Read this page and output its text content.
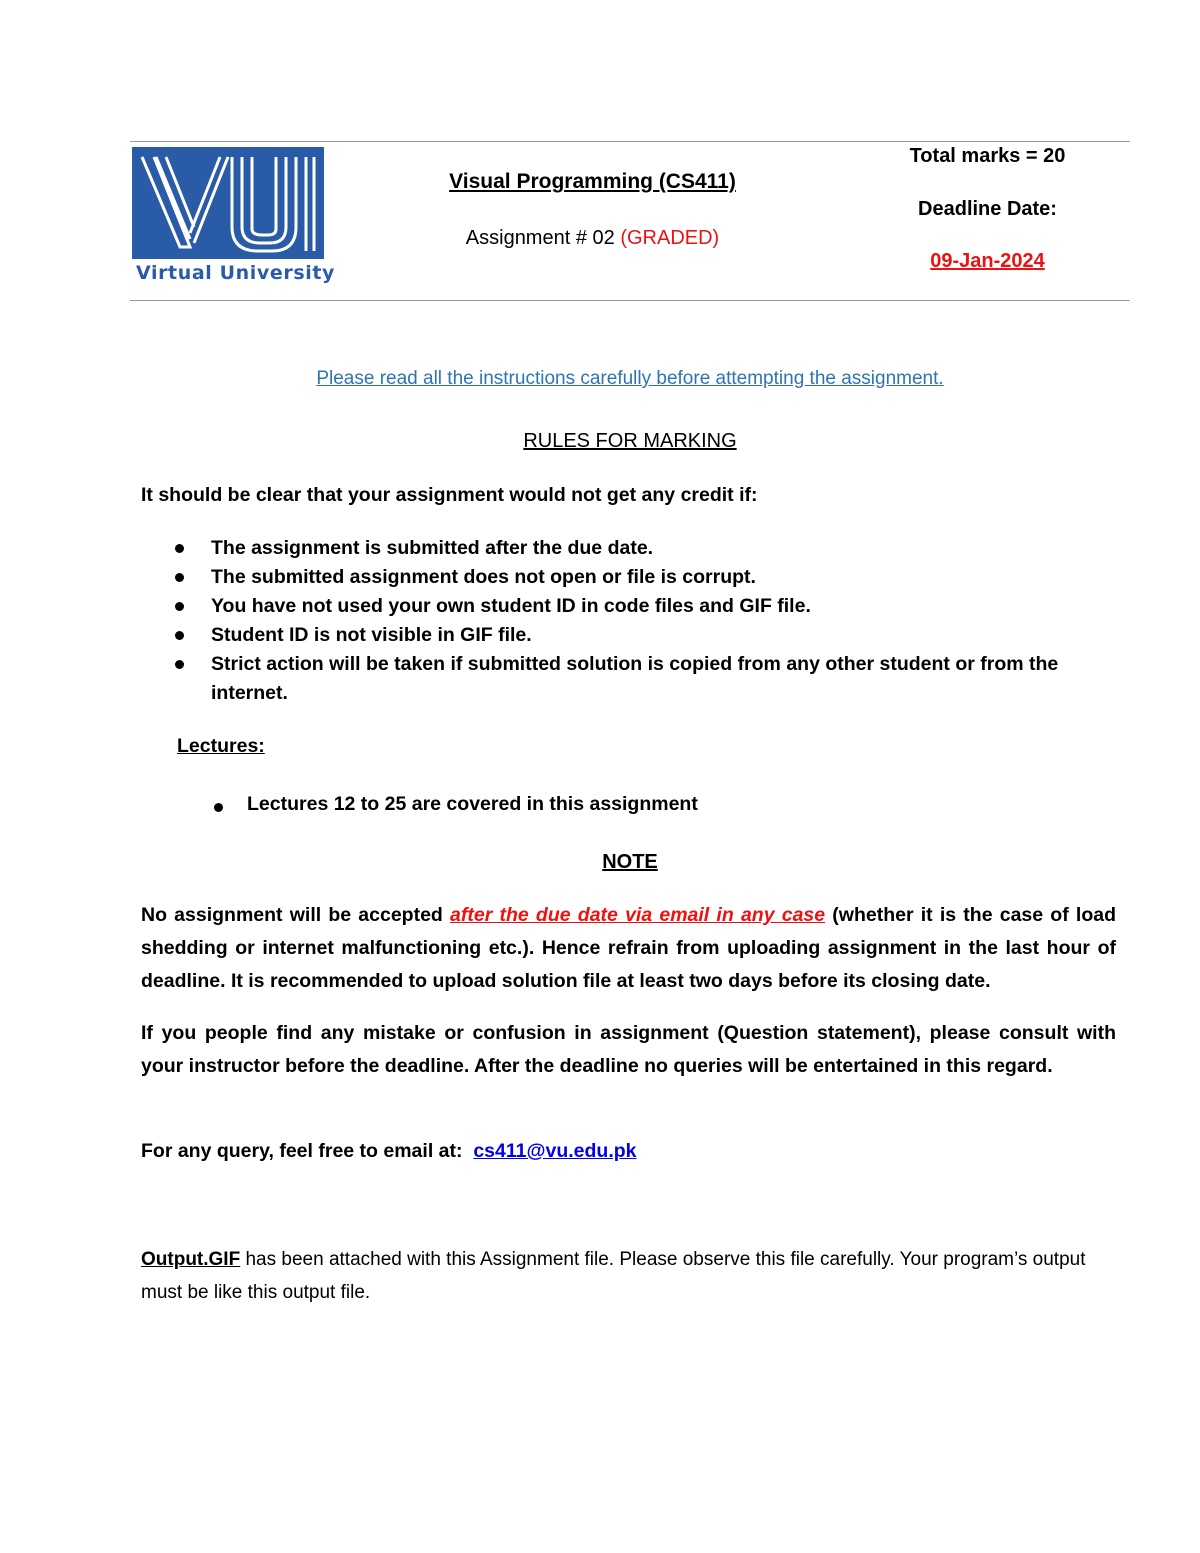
Virtual University
Visual Programming (CS411)
Assignment # 02 (GRADED)
Total marks = 20
Deadline Date:
09-Jan-2024
Please read all the instructions carefully before attempting the assignment.
RULES FOR MARKING
It should be clear that your assignment would not get any credit if:
The assignment is submitted after the due date.
The submitted assignment does not open or file is corrupt.
You have not used your own student ID in code files and GIF file.
Student ID is not visible in GIF file.
Strict action will be taken if submitted solution is copied from any other student or from the internet.
Lectures:
Lectures 12 to 25 are covered in this assignment
NOTE

No assignment will be accepted after the due date via email in any case (whether it is the case of load shedding or internet malfunctioning etc.). Hence refrain from uploading assignment in the last hour of deadline. It is recommended to upload solution file at least two days before its closing date.

If you people find any mistake or confusion in assignment (Question statement), please consult with your instructor before the deadline. After the deadline no queries will be entertained in this regard.

For any query, feel free to email at: cs411@vu.edu.pk

Output.GIF has been attached with this Assignment file. Please observe this file carefully. Your program’s output must be like this output file.
